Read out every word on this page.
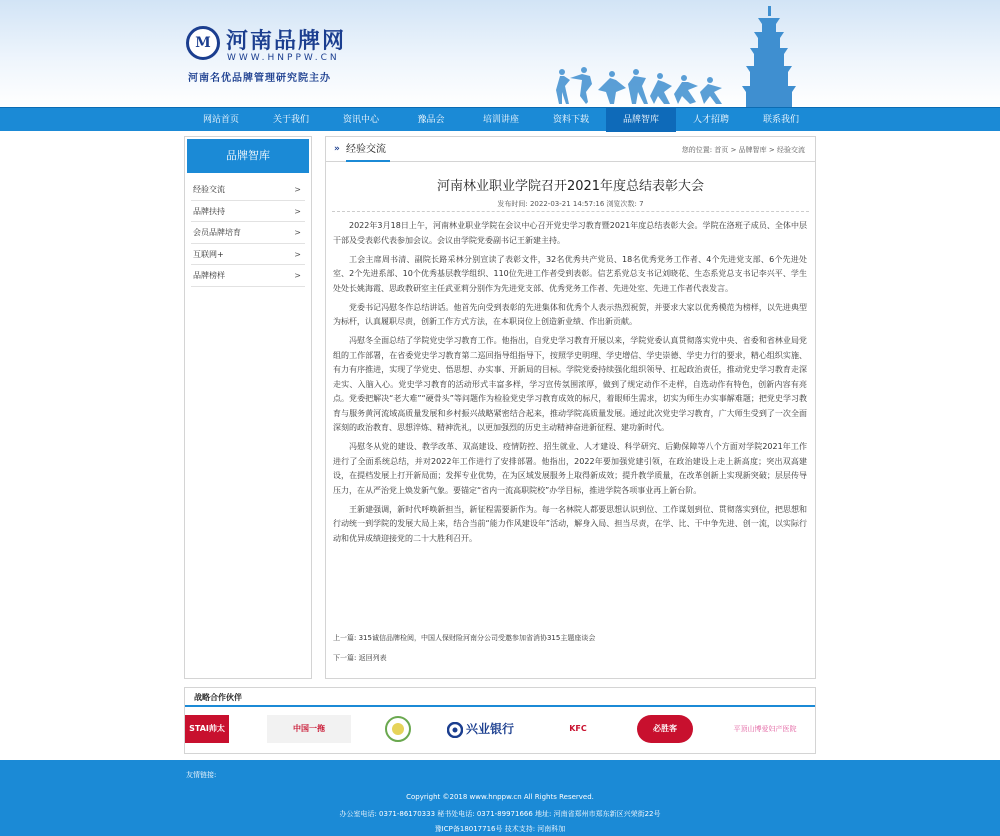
M 河南品牌网
WWW.HNPPW.CN
河南名优品牌管理研究院主办
网站首页	关于我们	资讯中心	豫品会	培训讲座	资料下载	品牌智库	人才招聘	联系我们
品牌智库
经验交流	>
品牌扶持	>
会员品牌培育	>
互联网+	>
品牌榜样	>
» 经验交流	您的位置: 首页 > 品牌智库 > 经验交流
河南林业职业学院召开2021年度总结表彰大会
发布时间: 2022-03-21 14:57:16 浏览次数: 7

2022年3月18日上午，河南林业职业学院在会议中心召开党史学习教育暨2021年度总结表彰大会。学院在洛班子成员、全体中层干部及受表彰代表参加会议。会议由学院党委副书记王新建主持。

工会主席周书清、副院长路采林分别宣读了表彰文件，32名优秀共产党员、18名优秀党务工作者、4个先进党支部、6个先进处室、2个先进系部、10个优秀基层教学组织、110位先进工作者受到表彰。信艺系党总支书记刘晓花、生态系党总支书记李兴平、学生处处长姚海霞、思政教研室主任武亚莉分别作为先进党支部、优秀党务工作者、先进处室、先进工作者代表发言。

党委书记冯慰冬作总结讲话。他首先向受到表彰的先进集体和优秀个人表示热烈祝贺，并要求大家以优秀模范为榜样，以先进典型为标杆，认真履职尽责，创新工作方式方法，在本职岗位上创造新业绩、作出新贡献。

冯慰冬全面总结了学院党史学习教育工作。他指出，自党史学习教育开展以来，学院党委认真贯彻落实党中央、省委和省林业局党组的工作部署，在省委党史学习教育第二巡回指导组指导下，按照学史明理、学史增信、学史崇德、学史力行的要求，精心组织实施、有力有序推进，实现了学党史、悟思想、办实事、开新局的目标。学院党委持续强化组织领导、扛起政治责任，推动党史学习教育走深走实、入脑入心。党史学习教育的活动形式丰富多样，学习宣传氛围浓厚，做到了规定动作不走样，自选动作有特色，创新内容有亮点。党委把解决“老大难”“硬骨头”等问题作为检验党史学习教育成效的标尺，着眼师生需求，切实为师生办实事解难题；把党史学习教育与服务黄河流域高质量发展和乡村振兴战略紧密结合起来，推动学院高质量发展。通过此次党史学习教育，广大师生受到了一次全面深刻的政治教育、思想淬炼、精神洗礼，以更加强烈的历史主动精神奋进新征程、建功新时代。

冯慰冬从党的建设、教学改革、双高建设、疫情防控、招生就业、人才建设、科学研究、后勤保障等八个方面对学院2021年工作进行了全面系统总结，并对2022年工作进行了安排部署。他指出，2022年要加强党建引领，在政治建设上走上新高度；突出双高建设，在提档发展上打开新局面；发挥专业优势，在为区域发展服务上取得新成效；提升教学质量，在改革创新上实现新突破；层层传导压力，在从严治党上焕发新气象。要锚定“省内一流高职院校”办学目标，推进学院各项事业再上新台阶。

王新建强调，新时代呼唤新担当，新征程需要新作为。每一名林院人都要思想认识到位、工作谋划到位、贯彻落实到位，把思想和行动统一到学院的发展大局上来，结合当前“能力作风建设年”活动，解身入局、担当尽责，在学、比、干中争先进、创一流，以实际行动和优异成绩迎接党的二十大胜利召开。

上一篇: 315诚信品牌检阅，中国人保财险河南分公司受邀参加省消协315主题座谈会
下一篇: 返回列表
战略合作伙伴
STAI帅太	中国一拖	兴业银行	KFC	必胜客	平顶山博爱妇产医院
友情链接:
Copyright ©2018 www.hnppw.cn All Rights Reserved.
办公室电话: 0371-86170333 秘书处电话: 0371-89971666 地址: 河南省郑州市郑东新区兴荣街22号
豫ICP备18017716号 技术支持: 河南科加
